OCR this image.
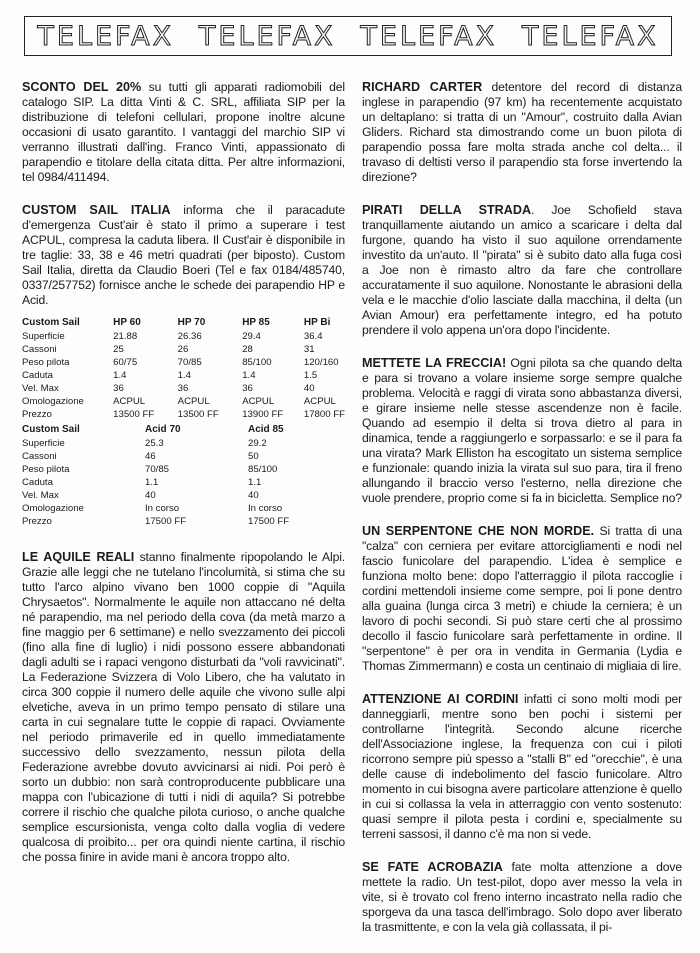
TELEFAX TELEFAX TELEFAX TELEFAX

SCONTO DEL 20% su tutti gli apparati radiomobili del catalogo SIP. La ditta Vinti & C. SRL, affiliata SIP per la distribuzione di telefoni cellulari, propone inoltre alcune occasioni di usato garantito. I vantaggi del marchio SIP vi verranno illustrati dall'ing. Franco Vinti, appassionato di parapendio e titolare della citata ditta. Per altre informazioni, tel 0984/411494.

CUSTOM SAIL ITALIA informa che il paracadute d'emergenza Cust'air è stato il primo a superare i test ACPUL, compresa la caduta libera. Il Cust'air è disponibile in tre taglie: 33, 38 e 46 metri quadrati (per biposto). Custom Sail Italia, diretta da Claudio Boeri (Tel e fax 0184/485740, 0337/257752) fornisce anche le schede dei parapendio HP e Acid.

Custom Sail	HP 60	HP 70	HP 85	HP Bi
Superficie	21.88	26.36	29.4	36.4
Cassoni	25	26	28	31
Peso pilota	60/75	70/85	85/100	120/160
Caduta	1.4	1.4	1.4	1.5
Vel. Max	36	36	36	40
Omologazione	ACPUL	ACPUL	ACPUL	ACPUL
Prezzo	13500 FF	13500 FF	13900 FF	17800 FF
Custom Sail	Acid 70	Acid 85
Superficie	25.3	29.2
Cassoni	46	50
Peso pilota	70/85	85/100
Caduta	1.1	1.1
Vel. Max	40	40
Omologazione	In corso	In corso
Prezzo	17500 FF	17500 FF

LE AQUILE REALI stanno finalmente ripopolando le Alpi. Grazie alle leggi che ne tutelano l'incolumità, si stima che su tutto l'arco alpino vivano ben 1000 coppie di "Aquila Chrysaetos". Normalmente le aquile non attaccano né delta né parapendio, ma nel periodo della cova (da metà marzo a fine maggio per 6 settimane) e nello svezzamento dei piccoli (fino alla fine di luglio) i nidi possono essere abbandonati dagli adulti se i rapaci vengono disturbati da "voli ravvicinati". La Federazione Svizzera di Volo Libero, che ha valutato in circa 300 coppie il numero delle aquile che vivono sulle alpi elvetiche, aveva in un primo tempo pensato di stilare una carta in cui segnalare tutte le coppie di rapaci. Ovviamente nel periodo primaverile ed in quello immediatamente successivo dello svezzamento, nessun pilota della Federazione avrebbe dovuto avvicinarsi ai nidi. Poi però è sorto un dubbio: non sarà controproducente pubblicare una mappa con l'ubicazione di tutti i nidi di aquila? Si potrebbe correre il rischio che qualche pilota curioso, o anche qualche semplice escursionista, venga colto dalla voglia di vedere qualcosa di proibito... per ora quindi niente cartina, il rischio che possa finire in avide mani è ancora troppo alto.

RICHARD CARTER detentore del record di distanza inglese in parapendio (97 km) ha recentemente acquistato un deltaplano: si tratta di un "Amour", costruito dalla Avian Gliders. Richard sta dimostrando come un buon pilota di parapendio possa fare molta strada anche col delta... il travaso di deltisti verso il parapendio sta forse invertendo la direzione?

PIRATI DELLA STRADA. Joe Schofield stava tranquillamente aiutando un amico a scaricare i delta dal furgone, quando ha visto il suo aquilone orrendamente investito da un'auto. Il "pirata" si è subito dato alla fuga così a Joe non è rimasto altro da fare che controllare accuratamente il suo aquilone. Nonostante le abrasioni della vela e le macchie d'olio lasciate dalla macchina, il delta (un Avian Amour) era perfettamente integro, ed ha potuto prendere il volo appena un'ora dopo l'incidente.

METTETE LA FRECCIA! Ogni pilota sa che quando delta e para si trovano a volare insieme sorge sempre qualche problema. Velocità e raggi di virata sono abbastanza diversi, e girare insieme nelle stesse ascendenze non è facile. Quando ad esempio il delta si trova dietro al para in dinamica, tende a raggiungerlo e sorpassarlo: e se il para fa una virata? Mark Elliston ha escogitato un sistema semplice e funzionale: quando inizia la virata sul suo para, tira il freno allungando il braccio verso l'esterno, nella direzione che vuole prendere, proprio come si fa in bicicletta. Semplice no?

UN SERPENTONE CHE NON MORDE. Si tratta di una "calza" con cerniera per evitare attorcigliamenti e nodi nel fascio funicolare del parapendio. L'idea è semplice e funziona molto bene: dopo l'atterraggio il pilota raccoglie i cordini mettendoli insieme come sempre, poi li pone dentro alla guaina (lunga circa 3 metri) e chiude la cerniera; è un lavoro di pochi secondi. Si può stare certi che al prossimo decollo il fascio funicolare sarà perfettamente in ordine. Il "serpentone" è per ora in vendita in Germania (Lydia e Thomas Zimmermann) e costa un centinaio di migliaia di lire.

ATTENZIONE AI CORDINI infatti ci sono molti modi per danneggiarli, mentre sono ben pochi i sistemi per controllarne l'integrità. Secondo alcune ricerche dell'Associazione inglese, la frequenza con cui i piloti ricorrono sempre più spesso a "stalli B" ed "orecchie", è una delle cause di indebolimento del fascio funicolare. Altro momento in cui bisogna avere particolare attenzione è quello in cui si collassa la vela in atterraggio con vento sostenuto: quasi sempre il pilota pesta i cordini e, specialmente su terreni sassosi, il danno c'è ma non si vede.

SE FATE ACROBAZIA fate molta attenzione a dove mettete la radio. Un test-pilot, dopo aver messo la vela in vite, si è trovato col freno interno incastrato nella radio che sporgeva da una tasca dell'imbrago. Solo dopo aver liberato la trasmittente, e con la vela già collassata, il pi-
